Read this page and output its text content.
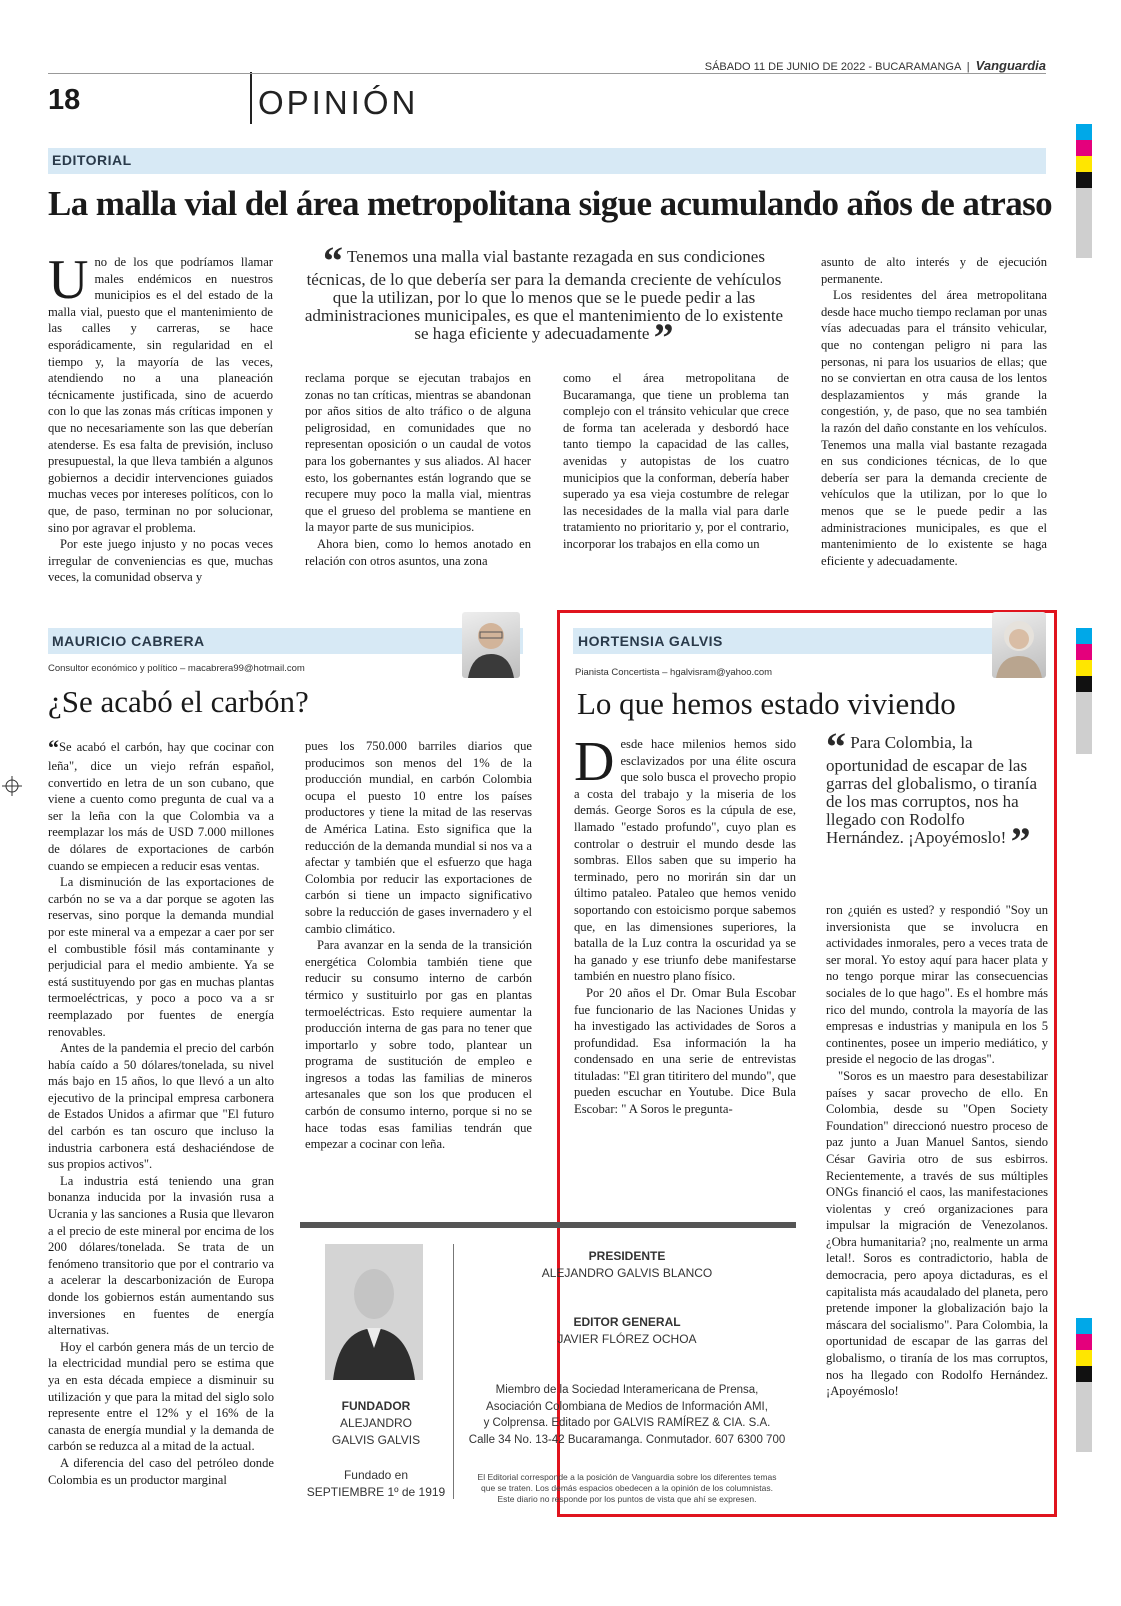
18	OPINIÓN
SÁBADO 11 DE JUNIO DE 2022 - BUCARAMANGA | Vanguardia
EDITORIAL
La malla vial del área metropolitana sigue acumulando años de atraso
U no de los que podríamos llamar males endémicos en nuestros municipios es el del estado de la malla vial, puesto que el mantenimiento de las calles y carreras, se hace esporádicamente, sin regularidad en el tiempo y, la mayoría de las veces, atendiendo no a una planeación técnicamente justificada, sino de acuerdo con lo que las zonas más críticas imponen y que no necesariamente son las que deberían atenderse. Es esa falta de previsión, incluso presupuestal, la que lleva también a algunos gobiernos a decidir intervenciones guiados muchas veces por intereses políticos, con lo que, de paso, terminan no por solucionar, sino por agravar el problema.

Por este juego injusto y no pocas veces irregular de conveniencias es que, muchas veces, la comunidad observa y

“ Tenemos una malla vial bastante rezagada en sus condiciones técnicas, de lo que debería ser para la demanda creciente de vehículos que la utilizan, por lo que lo menos que se le puede pedir a las administraciones municipales, es que el mantenimiento de lo existente se haga eficiente y adecuadamente ”

reclama porque se ejecutan trabajos en zonas no tan críticas, mientras se abandonan por años sitios de alto tráfico o de alguna peligrosidad, en comunidades que no representan oposición o un caudal de votos para los gobernantes y sus aliados. Al hacer esto, los gobernantes están logrando que se recupere muy poco la malla vial, mientras que el grueso del problema se mantiene en la mayor parte de sus municipios.

Ahora bien, como lo hemos anotado en relación con otros asuntos, una zona

como el área metropolitana de Bucaramanga, que tiene un problema tan complejo con el tránsito vehicular que crece de forma tan acelerada y desbordó hace tanto tiempo la capacidad de las calles, avenidas y autopistas de los cuatro municipios que la conforman, debería haber superado ya esa vieja costumbre de relegar las necesidades de la malla vial para darle tratamiento no prioritario y, por el contrario, incorporar los trabajos en ella como un

asunto de alto interés y de ejecución permanente.

Los residentes del área metropolitana desde hace mucho tiempo reclaman por unas vías adecuadas para el tránsito vehicular, que no contengan peligro ni para las personas, ni para los usuarios de ellas; que no se conviertan en otra causa de los lentos desplazamientos y más grande la congestión, y, de paso, que no sea también la razón del daño constante en los vehículos. Tenemos una malla vial bastante rezagada en sus condiciones técnicas, de lo que debería ser para la demanda creciente de vehículos que la utilizan, por lo que lo menos que se le puede pedir a las administraciones municipales, es que el mantenimiento de lo existente se haga eficiente y adecuadamente.

MAURICIO CABRERA
Consultor económico y político – macabrera99@hotmail.com
¿Se acabó el carbón?

“Se acabó el carbón, hay que cocinar con leña", dice un viejo refrán español, convertido en letra de un son cubano, que viene a cuento como pregunta de cual va a ser la leña con la que Colombia va a reemplazar los más de USD 7.000 millones de dólares de exportaciones de carbón cuando se empiecen a reducir esas ventas.

La disminución de las exportaciones de carbón no se va a dar porque se agoten las reservas, sino porque la demanda mundial por este mineral va a empezar a caer por ser el combustible fósil más contaminante y perjudicial para el medio ambiente. Ya se está sustituyendo por gas en muchas plantas termoeléctricas, y poco a poco va a sr reemplazado por fuentes de energía renovables.

Antes de la pandemia el precio del carbón había caído a 50 dólares/tonelada, su nivel más bajo en 15 años, lo que llevó a un alto ejecutivo de la principal empresa carbonera de Estados Unidos a afirmar que "El futuro del carbón es tan oscuro que incluso la industria carbonera está deshaciéndose de sus propios activos".

La industria está teniendo una gran bonanza inducida por la invasión rusa a Ucrania y las sanciones a Rusia que llevaron a el precio de este mineral por encima de los 200 dólares/tonelada. Se trata de un fenómeno transitorio que por el contrario va a acelerar la descarbonización de Europa donde los gobiernos están aumentando sus inversiones en fuentes de energía alternativas.

Hoy el carbón genera más de un tercio de la electricidad mundial pero se estima que ya en esta década empiece a disminuir su utilización y que para la mitad del siglo solo represente entre el 12% y el 16% de la canasta de energía mundial y la demanda de carbón se reduzca al a mitad de la actual.

A diferencia del caso del petróleo donde Colombia es un productor marginal

pues los 750.000 barriles diarios que producimos son menos del 1% de la producción mundial, en carbón Colombia ocupa el puesto 10 entre los países productores y tiene la mitad de las reservas de América Latina. Esto significa que la reducción de la demanda mundial si nos va a afectar y también que el esfuerzo que haga Colombia por reducir las exportaciones de carbón si tiene un impacto significativo sobre la reducción de gases invernadero y el cambio climático.

Para avanzar en la senda de la transición energética Colombia también tiene que reducir su consumo interno de carbón térmico y sustituirlo por gas en plantas termoeléctricas. Esto requiere aumentar la producción interna de gas para no tener que importarlo y sobre todo, plantear un programa de sustitución de empleo e ingresos a todas las familias de mineros artesanales que son los que producen el carbón de consumo interno, porque si no se hace todas esas familias tendrán que empezar a cocinar con leña.

HORTENSIA GALVIS
Pianista Concertista – hgalvisram@yahoo.com
Lo que hemos estado viviendo
D esde hace milenios hemos sido esclavizados por una élite oscura que solo busca el provecho propio a costa del trabajo y la miseria de los demás. George Soros es la cúpula de ese, llamado "estado profundo", cuyo plan es controlar o destruir el mundo desde las sombras. Ellos saben que su imperio ha terminado, pero no morirán sin dar un último pataleo. Pataleo que hemos venido soportando con estoicismo porque sabemos que, en las dimensiones superiores, la batalla de la Luz contra la oscuridad ya se ha ganado y ese triunfo debe manifestarse también en nuestro plano físico.

Por 20 años el Dr. Omar Bula Escobar fue funcionario de las Naciones Unidas y ha investigado las actividades de Soros a profundidad. Esa información la ha condensado en una serie de entrevistas tituladas: "El gran titiritero del mundo", que pueden escuchar en Youtube. Dice Bula Escobar: " A Soros le pregunta-

“ Para Colombia, la oportunidad de escapar de las garras del globalismo, o tiranía de los mas corruptos, nos ha llegado con Rodolfo Hernández. ¡Apoyémoslo! ”

ron ¿quién es usted? y respondió "Soy un inversionista que se involucra en actividades inmorales, pero a veces trata de ser moral. Yo estoy aquí para hacer plata y no tengo porque mirar las consecuencias sociales de lo que hago". Es el hombre más rico del mundo, controla la mayoría de las empresas e industrias y manipula en los 5 continentes, posee un imperio mediático, y preside el negocio de las drogas".

"Soros es un maestro para desestabilizar países y sacar provecho de ello. En Colombia, desde su "Open Society Foundation" direccionó nuestro proceso de paz junto a Juan Manuel Santos, siendo César Gaviria otro de sus esbirros. Recientemente, a través de sus múltiples ONGs financió el caos, las manifestaciones violentas y creó organizaciones para impulsar la migración de Venezolanos. ¿Obra humanitaria? ¡no, realmente un arma letal!. Soros es contradictorio, habla de democracia, pero apoya dictaduras, es el capitalista más acaudalado del planeta, pero pretende imponer la globalización bajo la máscara del socialismo". Para Colombia, la oportunidad de escapar de las garras del globalismo, o tiranía de los mas corruptos, nos ha llegado con Rodolfo Hernández. ¡Apoyémoslo!

FUNDADOR
ALEJANDRO
GALVIS GALVIS
Fundado en
SEPTIEMBRE 1º de 1919
PRESIDENTE
ALEJANDRO GALVIS BLANCO
EDITOR GENERAL
JAVIER FLÓREZ OCHOA
Miembro de la Sociedad Interamericana de Prensa,
Asociación Colombiana de Medios de Información AMI,
y Colprensa. Editado por GALVIS RAMÍREZ & CIA. S.A.
Calle 34 No. 13-42 Bucaramanga. Conmutador. 607 6300 700
El Editorial corresponde a la posición de Vanguardia sobre los diferentes temas
que se traten. Los demás espacios obedecen a la opinión de los columnistas.
Este diario no responde por los puntos de vista que ahí se expresen.
